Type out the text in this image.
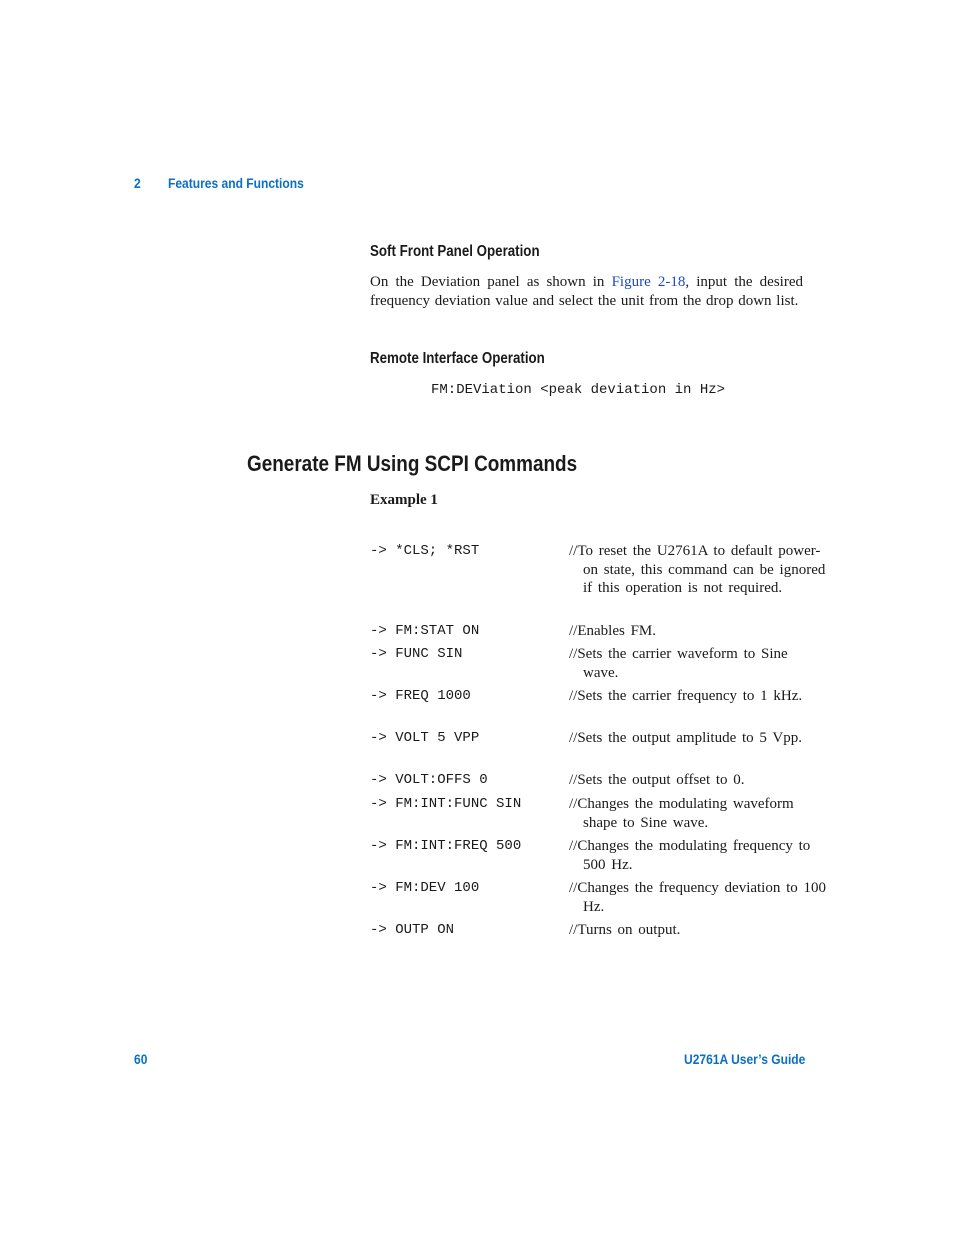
2 Features and Functions
Soft Front Panel Operation
On the Deviation panel as shown in Figure 2-18, input the desired frequency deviation value and select the unit from the drop down list.
Remote Interface Operation
FM:DEViation <peak deviation in Hz>
Generate FM Using SCPI Commands
Example 1
-> *CLS; *RST	//To reset the U2761A to default power-on state, this command can be ignored if this operation is not required.
-> FM:STAT ON	//Enables FM.
-> FUNC SIN	//Sets the carrier waveform to Sine wave.
-> FREQ 1000	//Sets the carrier frequency to 1 kHz.
-> VOLT 5 VPP	//Sets the output amplitude to 5 Vpp.
-> VOLT:OFFS 0	//Sets the output offset to 0.
-> FM:INT:FUNC SIN	//Changes the modulating waveform shape to Sine wave.
-> FM:INT:FREQ 500	//Changes the modulating frequency to 500 Hz.
-> FM:DEV 100	//Changes the frequency deviation to 100 Hz.
-> OUTP ON	//Turns on output.
60	U2761A User’s Guide
